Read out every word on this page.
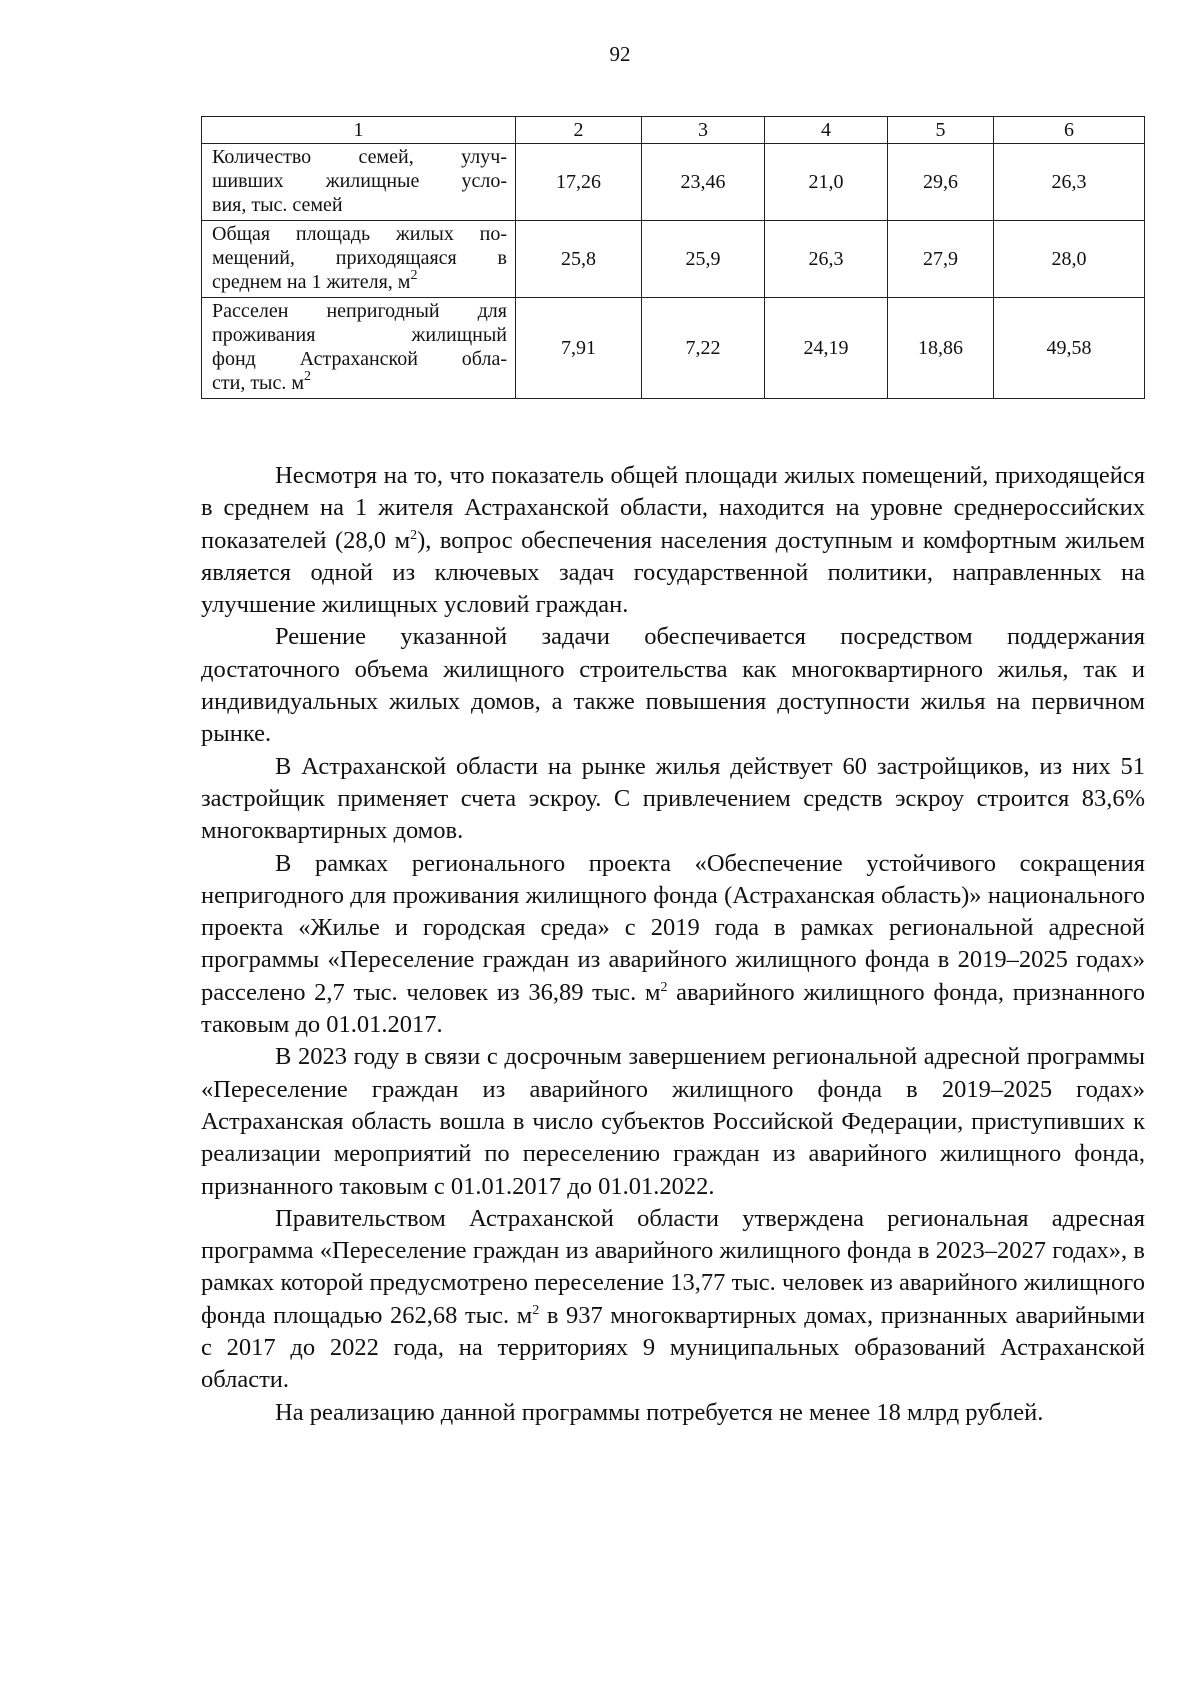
92
1	2	3	4	5	6
Количество семей, улуч-
шивших жилищные усло-

вия, тыс. семей	17,26	23,46	21,0	29,6	26,3
Общая площадь жилых по-
мещений, приходящаяся в

среднем на 1 жителя, $м^2$	25,8	25,9	26,3	27,9	28,0
Расселен непригодный для
проживания жилищный
фонд Астраханской обла-

сти, тыс. $м^2$	7,91	7,22	24,19	18,86	49,58

Несмотря на то, что показатель общей площади жилых помещений, приходящейся в среднем на 1 жителя Астраханской области, находится на уровне среднероссийских показателей (28,0 $м^2$), вопрос обеспечения населения доступным и комфортным жильем является одной из ключевых задач государственной политики, направленных на улучшение жилищных условий граждан.

Решение указанной задачи обеспечивается посредством поддержания достаточного объема жилищного строительства как многоквартирного жилья, так и индивидуальных жилых домов, а также повышения доступности жилья на первичном рынке.

В Астраханской области на рынке жилья действует 60 застройщиков, из них 51 застройщик применяет счета эскроу. С привлечением средств эскроу строится 83,6% многоквартирных домов.

В рамках регионального проекта «Обеспечение устойчивого сокращения непригодного для проживания жилищного фонда (Астраханская область)» национального проекта «Жилье и городская среда» с 2019 года в рамках региональной адресной программы «Переселение граждан из аварийного жилищного фонда в 2019–2025 годах» расселено 2,7 тыс. человек из 36,89 тыс. $м^2$ аварийного жилищного фонда, признанного таковым до 01.01.2017.

В 2023 году в связи с досрочным завершением региональной адресной программы «Переселение граждан из аварийного жилищного фонда в 2019–2025 годах» Астраханская область вошла в число субъектов Российской Федерации, приступивших к реализации мероприятий по переселению граждан из аварийного жилищного фонда, признанного таковым с 01.01.2017 до 01.01.2022.

Правительством Астраханской области утверждена региональная адресная программа «Переселение граждан из аварийного жилищного фонда в 2023–2027 годах», в рамках которой предусмотрено переселение 13,77 тыс. человек из аварийного жилищного фонда площадью 262,68 тыс. $м^2$ в 937 многоквартирных домах, признанных аварийными с 2017 до 2022 года, на территориях 9 муниципальных образований Астраханской области.

На реализацию данной программы потребуется не менее 18 млрд рублей.
